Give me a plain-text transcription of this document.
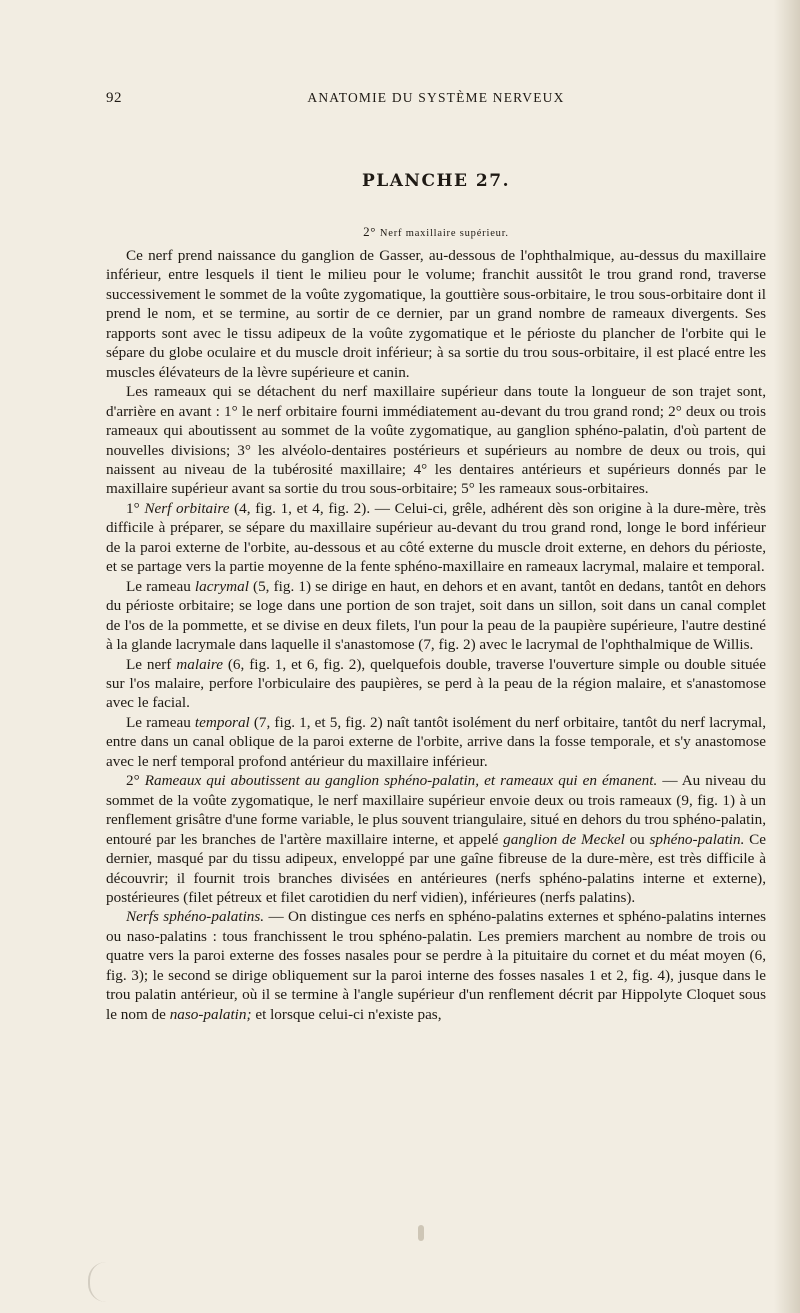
92	ANATOMIE DU SYSTÈME NERVEUX
PLANCHE 27.
2° Nerf maxillaire supérieur.

Ce nerf prend naissance du ganglion de Gasser, au-dessous de l'ophthalmique, au-dessus du maxillaire inférieur, entre lesquels il tient le milieu pour le volume; franchit aussitôt le trou grand rond, traverse successivement le sommet de la voûte zygomatique, la gouttière sous-orbitaire, le trou sous-orbitaire dont il prend le nom, et se termine, au sortir de ce dernier, par un grand nombre de rameaux divergents. Ses rapports sont avec le tissu adipeux de la voûte zygomatique et le périoste du plancher de l'orbite qui le sépare du globe oculaire et du muscle droit inférieur; à sa sortie du trou sous-orbitaire, il est placé entre les muscles élévateurs de la lèvre supérieure et canin.

Les rameaux qui se détachent du nerf maxillaire supérieur dans toute la longueur de son trajet sont, d'arrière en avant : 1° le nerf orbitaire fourni immédiatement au-devant du trou grand rond; 2° deux ou trois rameaux qui aboutissent au sommet de la voûte zygomatique, au ganglion sphéno-palatin, d'où partent de nouvelles divisions; 3° les alvéolo-dentaires postérieurs et supérieurs au nombre de deux ou trois, qui naissent au niveau de la tubérosité maxillaire; 4° les dentaires antérieurs et supérieurs donnés par le maxillaire supérieur avant sa sortie du trou sous-orbitaire; 5° les rameaux sous-orbitaires.

1° Nerf orbitaire (4, fig. 1, et 4, fig. 2). — Celui-ci, grêle, adhérent dès son origine à la dure-mère, très difficile à préparer, se sépare du maxillaire supérieur au-devant du trou grand rond, longe le bord inférieur de la paroi externe de l'orbite, au-dessous et au côté externe du muscle droit externe, en dehors du périoste, et se partage vers la partie moyenne de la fente sphéno-maxillaire en rameaux lacrymal, malaire et temporal.

Le rameau lacrymal (5, fig. 1) se dirige en haut, en dehors et en avant, tantôt en dedans, tantôt en dehors du périoste orbitaire; se loge dans une portion de son trajet, soit dans un sillon, soit dans un canal complet de l'os de la pommette, et se divise en deux filets, l'un pour la peau de la paupière supérieure, l'autre destiné à la glande lacrymale dans laquelle il s'anastomose (7, fig. 2) avec le lacrymal de l'ophthalmique de Willis.

Le nerf malaire (6, fig. 1, et 6, fig. 2), quelquefois double, traverse l'ouverture simple ou double située sur l'os malaire, perfore l'orbiculaire des paupières, se perd à la peau de la région malaire, et s'anastomose avec le facial.

Le rameau temporal (7, fig. 1, et 5, fig. 2) naît tantôt isolément du nerf orbitaire, tantôt du nerf lacrymal, entre dans un canal oblique de la paroi externe de l'orbite, arrive dans la fosse temporale, et s'y anastomose avec le nerf temporal profond antérieur du maxillaire inférieur.

2° Rameaux qui aboutissent au ganglion sphéno-palatin, et rameaux qui en émanent. — Au niveau du sommet de la voûte zygomatique, le nerf maxillaire supérieur envoie deux ou trois rameaux (9, fig. 1) à un renflement grisâtre d'une forme variable, le plus souvent triangulaire, situé en dehors du trou sphéno-palatin, entouré par les branches de l'artère maxillaire interne, et appelé ganglion de Meckel ou sphéno-palatin. Ce dernier, masqué par du tissu adipeux, enveloppé par une gaîne fibreuse de la dure-mère, est très difficile à découvrir; il fournit trois branches divisées en antérieures (nerfs sphéno-palatins interne et externe), postérieures (filet pétreux et filet carotidien du nerf vidien), inférieures (nerfs palatins).

Nerfs sphéno-palatins. — On distingue ces nerfs en sphéno-palatins externes et sphéno-palatins internes ou naso-palatins : tous franchissent le trou sphéno-palatin. Les premiers marchent au nombre de trois ou quatre vers la paroi externe des fosses nasales pour se perdre à la pituitaire du cornet et du méat moyen (6, fig. 3); le second se dirige obliquement sur la paroi interne des fosses nasales 1 et 2, fig. 4), jusque dans le trou palatin antérieur, où il se termine à l'angle supérieur d'un renflement décrit par Hippolyte Cloquet sous le nom de naso-palatin; et lorsque celui-ci n'existe pas,
